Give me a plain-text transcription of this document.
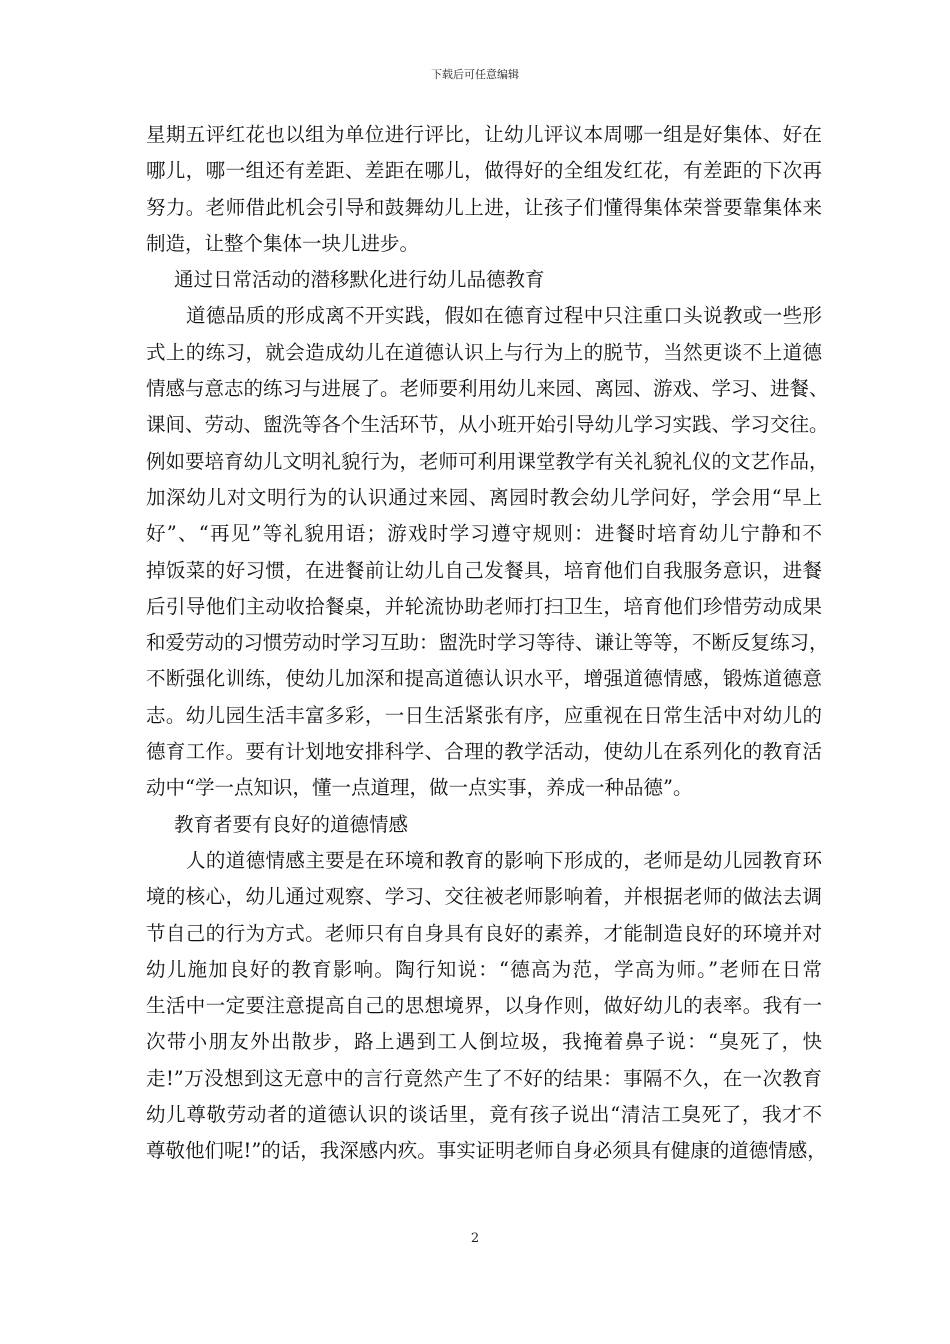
下载后可任意编辑
星期五评红花也以组为单位进行评比，让幼儿评议本周哪一组是好集体、好在
哪儿，哪一组还有差距、差距在哪儿，做得好的全组发红花，有差距的下次再
努力。老师借此机会引导和鼓舞幼儿上进，让孩子们懂得集体荣誉要靠集体来
制造，让整个集体一块儿进步。
通过日常活动的潜移默化进行幼儿品德教育
道德品质的形成离不开实践，假如在德育过程中只注重口头说教或一些形
式上的练习，就会造成幼儿在道德认识上与行为上的脱节，当然更谈不上道德
情感与意志的练习与进展了。老师要利用幼儿来园、离园、游戏、学习、进餐、
课间、劳动、盥洗等各个生活环节，从小班开始引导幼儿学习实践、学习交往。
例如要培育幼儿文明礼貌行为，老师可利用课堂教学有关礼貌礼仪的文艺作品，
加深幼儿对文明行为的认识通过来园、离园时教会幼儿学问好，学会用“早上
好”、“再见”等礼貌用语；游戏时学习遵守规则：进餐时培育幼儿宁静和不
掉饭菜的好习惯，在进餐前让幼儿自己发餐具，培育他们自我服务意识，进餐
后引导他们主动收拾餐桌，并轮流协助老师打扫卫生，培育他们珍惜劳动成果
和爱劳动的习惯劳动时学习互助：盥洗时学习等待、谦让等等，不断反复练习，
不断强化训练，使幼儿加深和提高道德认识水平，增强道德情感，锻炼道德意
志。幼儿园生活丰富多彩，一日生活紧张有序，应重视在日常生活中对幼儿的
德育工作。要有计划地安排科学、合理的教学活动，使幼儿在系列化的教育活
动中“学一点知识，懂一点道理，做一点实事，养成一种品德”。
教育者要有良好的道德情感
人的道德情感主要是在环境和教育的影响下形成的，老师是幼儿园教育环
境的核心，幼儿通过观察、学习、交往被老师影响着，并根据老师的做法去调
节自己的行为方式。老师只有自身具有良好的素养，才能制造良好的环境并对
幼儿施加良好的教育影响。陶行知说：“德高为范，学高为师。”老师在日常
生活中一定要注意提高自己的思想境界，以身作则，做好幼儿的表率。我有一
次带小朋友外出散步，路上遇到工人倒垃圾，我掩着鼻子说：“臭死了，快
走!”万没想到这无意中的言行竟然产生了不好的结果：事隔不久，在一次教育
幼儿尊敬劳动者的道德认识的谈话里，竟有孩子说出“清洁工臭死了，我才不
尊敬他们呢!”的话，我深感内疚。事实证明老师自身必须具有健康的道德情感，
2
